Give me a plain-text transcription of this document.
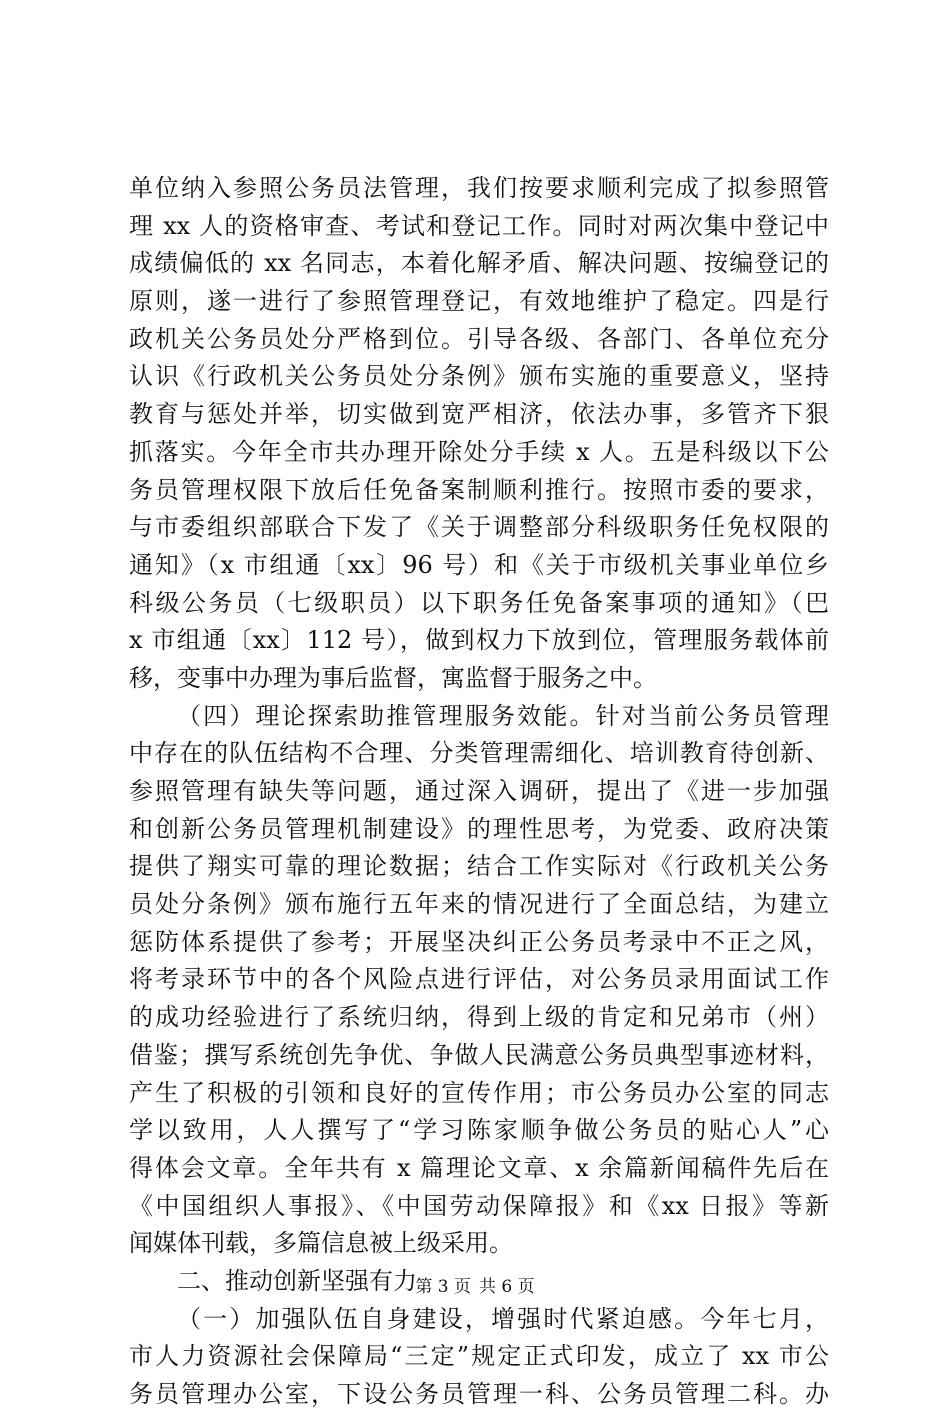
单位纳入参照公务员法管理，我们按要求顺利完成了拟参照管
理 xx 人的资格审查、考试和登记工作。同时对两次集中登记中
成绩偏低的 xx 名同志，本着化解矛盾、解决问题、按编登记的
原则，遂一进行了参照管理登记，有效地维护了稳定。四是行
政机关公务员处分严格到位。引导各级、各部门、各单位充分
认识《行政机关公务员处分条例》颁布实施的重要意义，坚持
教育与惩处并举，切实做到宽严相济，依法办事，多管齐下狠
抓落实。今年全市共办理开除处分手续 x 人。五是科级以下公
务员管理权限下放后任免备案制顺利推行。按照市委的要求，
与市委组织部联合下发了《关于调整部分科级职务任免权限的
通知》（x 市组通〔xx〕96 号）和《关于市级机关事业单位乡
科级公务员（七级职员）以下职务任免备案事项的通知》（巴
x 市组通〔xx〕112 号），做到权力下放到位，管理服务载体前
移，变事中办理为事后监督，寓监督于服务之中。
（四）理论探索助推管理服务效能。针对当前公务员管理
中存在的队伍结构不合理、分类管理需细化、培训教育待创新、
参照管理有缺失等问题，通过深入调研，提出了《进一步加强
和创新公务员管理机制建设》的理性思考，为党委、政府决策
提供了翔实可靠的理论数据；结合工作实际对《行政机关公务
员处分条例》颁布施行五年来的情况进行了全面总结，为建立
惩防体系提供了参考；开展坚决纠正公务员考录中不正之风，
将考录环节中的各个风险点进行评估，对公务员录用面试工作
的成功经验进行了系统归纳，得到上级的肯定和兄弟市（州）
借鉴；撰写系统创先争优、争做人民满意公务员典型事迹材料，
产生了积极的引领和良好的宣传作用；市公务员办公室的同志
学以致用，人人撰写了“学习陈家顺争做公务员的贴心人”心
得体会文章。全年共有 x 篇理论文章、x 余篇新闻稿件先后在
《中国组织人事报》、《中国劳动保障报》和《xx 日报》等新
闻媒体刊载，多篇信息被上级采用。
二、推动创新坚强有力
（一）加强队伍自身建设，增强时代紧迫感。今年七月，
市人力资源社会保障局“三定”规定正式印发，成立了 xx 市公
务员管理办公室，下设公务员管理一科、公务员管理二科。办
第 3 页 共 6 页
